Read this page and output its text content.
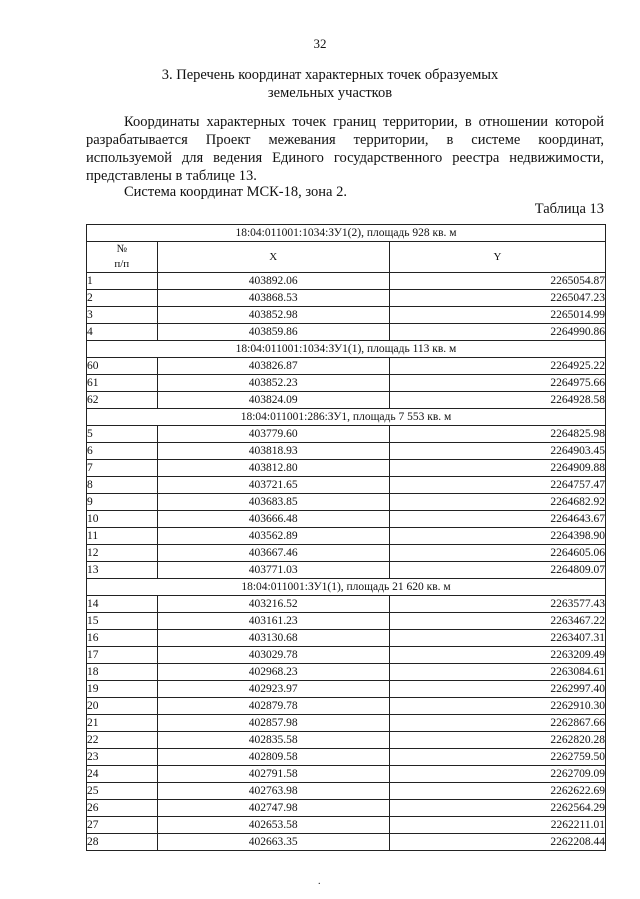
32
3. Перечень координат характерных точек образуемых
земельных участков
Координаты характерных точек границ территории, в отношении которой разрабатывается Проект межевания территории, в системе координат, используемой для ведения Единого государственного реестра недвижимости, представлены в таблице 13.
Система координат МСК-18, зона 2.
Таблица 13
18:04:011001:1034:ЗУ1(2), площадь 928 кв. м		
№
п/п	X	Y
1	403892.06	2265054.87
2	403868.53	2265047.23
3	403852.98	2265014.99
4	403859.86	2264990.86
18:04:011001:1034:ЗУ1(1), площадь 113 кв. м		
60	403826.87	2264925.22
61	403852.23	2264975.66
62	403824.09	2264928.58
18:04:011001:286:ЗУ1, площадь 7 553 кв. м		
5	403779.60	2264825.98
6	403818.93	2264903.45
7	403812.80	2264909.88
8	403721.65	2264757.47
9	403683.85	2264682.92
10	403666.48	2264643.67
11	403562.89	2264398.90
12	403667.46	2264605.06
13	403771.03	2264809.07
18:04:011001:ЗУ1(1), площадь 21 620 кв. м		
14	403216.52	2263577.43
15	403161.23	2263467.22
16	403130.68	2263407.31
17	403029.78	2263209.49
18	402968.23	2263084.61
19	402923.97	2262997.40
20	402879.78	2262910.30
21	402857.98	2262867.66
22	402835.58	2262820.28
23	402809.58	2262759.50
24	402791.58	2262709.09
25	402763.98	2262622.69
26	402747.98	2262564.29
27	402653.58	2262211.01
28	402663.35	2262208.44
.
